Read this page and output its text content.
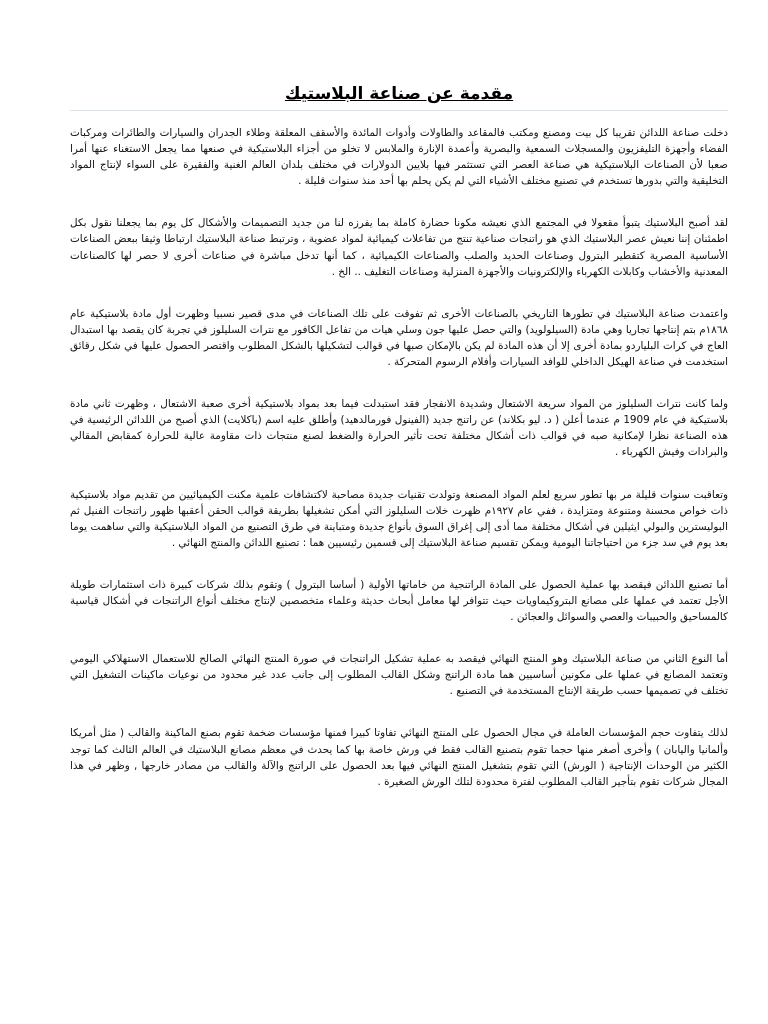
مقدمة عن صناعة البلاستيك

دخلت صناعة اللدائن تقريبا كل بيت ومصنع ومكتب فالمقاعد والطاولات وأدوات المائدة والأسقف المعلقة وطلاء الجدران والسيارات والطائرات ومركبات الفضاء وأجهزة التليفزيون والمسجلات السمعية والبصرية وأعمدة الإنارة والملابس لا تخلو من أجزاء البلاستيكية في صنعها مما يجعل الاستغناء عنها أمرا صعبا لأن الصناعات البلاستيكية هي صناعة العصر التي تستثمر فيها بلايين الدولارات في مختلف بلدان العالم الغنية والفقيرة على السواء لإنتاج المواد التخليقية والتي بدورها تستخدم في تصنيع مختلف الأشياء التي لم يكن يحلم بها أحد منذ سنوات قليلة .

لقد أصبح البلاستيك يتبوأ مقعولا في المجتمع الذي نعيشه مكونا حضارة كاملة بما يفرزه لنا من جديد التصميمات والأشكال كل يوم بما يجعلنا نقول بكل اطمئنان إننا نعيش عصر البلاستيك الذي هو راتنجات صناعية تنتج من تفاعلات كيميائية لمواد عضوية ، وترتبط صناعة البلاستيك ارتباطا وثيقا ببعض الصناعات الأساسية المصرية كتقطير البترول وصناعات الحديد والصلب والصناعات الكيميائية ، كما أنها تدخل مباشرة في صناعات أخرى لا حصر لها كالصناعات المعدنية والأخشاب وكابلات الكهرباء والإلكترونيات والأجهزة المنزلية وصناعات التغليف .. الخ .

واعتمدت صناعة البلاستيك في تطورها التاريخي بالصناعات الأخرى ثم تفوقت على تلك الصناعات في مدى قصير نسبيا وظهرت أول مادة بلاستيكية عام ١٨٦٨م بتم إنتاجها تجاريا وهي مادة (السيلولويد) والتي حصل عليها جون وسلي هيات من تفاعل الكافور مع نترات السليلوز في تجربة كان يقصد بها استبدال العاج في كرات البلياردو بمادة أخرى إلا أن هذه المادة لم يكن بالإمكان صبها في قوالب لتشكيلها بالشكل المطلوب واقتصر الحصول عليها في شكل رقائق استخدمت في صناعة الهيكل الداخلي للوافد السيارات وأفلام الرسوم المتحركة .

ولما كانت نترات السليلوز من المواد سريعة الاشتعال وشديدة الانفجار فقد استبدلت فيما بعد بمواد بلاستيكية أخرى صعبة الاشتعال ، وظهرت ثاني مادة بلاستيكية في عام 1909 م عندما أعلن ( د. ليو بكلاند) عن راتنج جديد (الفينول فورمالدهيد) وأطلق عليه اسم (باكلايت) الذي أصبح من اللدائن الرئيسية في هذه الصناعة نظرا لإمكانية صبه في قوالب ذات أشكال مختلفة تحت تأثير الحرارة والضغط لصنع منتجات ذات مقاومة عالية للحرارة كمقابض المقالي والبرادات وفيش الكهرباء .

وتعاقبت سنوات قليلة مر بها تطور سريع لعلم المواد المصنعة وتولدت تقنيات جديدة مصاحبة لاكتشافات علمية مكنت الكيميائيين من تقديم مواد بلاستيكية ذات خواص محسنة ومتنوعة ومتزايدة ، ففي عام ١٩٢٧م ظهرت خلات السليلوز التي أمكن تشغيلها بطريقة قوالب الحقن أعقبها ظهور راتنجات الفنيل ثم البوليسترين والبولي ايثيلين في أشكال مختلفة مما أدى إلى إغراق السوق بأنواع جديدة ومتباينة في طرق التصنيع من المواد البلاستيكية والتي ساهمت يوما بعد يوم في سد جزء من احتياجاتنا اليومية ويمكن تقسيم صناعة البلاستيك إلى قسمين رئيسيين هما : تصنيع اللدائن والمنتج النهائي .

أما تصنيع اللدائن فيقصد بها عملية الحصول على المادة الراتنجية من خاماتها الأولية ( أساسا البترول ) وتقوم بذلك شركات كبيرة ذات استثمارات طويلة الأجل تعتمد في عملها على مصانع البتروكيماويات حيث تتوافر لها معامل أبحاث حديثة وعلماء متخصصين لإنتاج مختلف أنواع الراتنجات في أشكال قياسية كالمساحيق والحبيبات والعصي والسوائل والعجائن .

أما النوع الثاني من صناعة البلاستيك وهو المنتج النهائي فيقصد به عملية تشكيل الراتنجات في صورة المنتج النهائي الصالح للاستعمال الاستهلاكي اليومي وتعتمد المصانع في عملها على مكونين أساسيين هما مادة الراتنج وشكل القالب المطلوب إلى جانب عدد غير محدود من نوعيات ماكينات التشغيل التي تختلف في تصميمها حسب طريقة الإنتاج المستخدمة في التصنيع .

لذلك يتفاوت حجم المؤسسات العاملة في مجال الحصول على المنتج النهائي تفاوتا كبيرا فمنها مؤسسات ضخمة تقوم بصنع الماكينة والقالب ( مثل أمريكا وألمانيا واليابان ) وأخرى أصغر منها حجما تقوم بتصنيع القالب فقط في ورش خاصة بها كما يحدث في معظم مصانع البلاستيك في العالم الثالث كما توجد الكثير من الوحدات الإنتاجية ( الورش) التي تقوم بتشغيل المنتج النهائي فيها بعد الحصول على الراتنج والآلة والقالب من مصادر خارجها , وظهر في هذا المجال شركات تقوم بتأجير القالب المطلوب لفترة محدودة لتلك الورش الصغيرة .
